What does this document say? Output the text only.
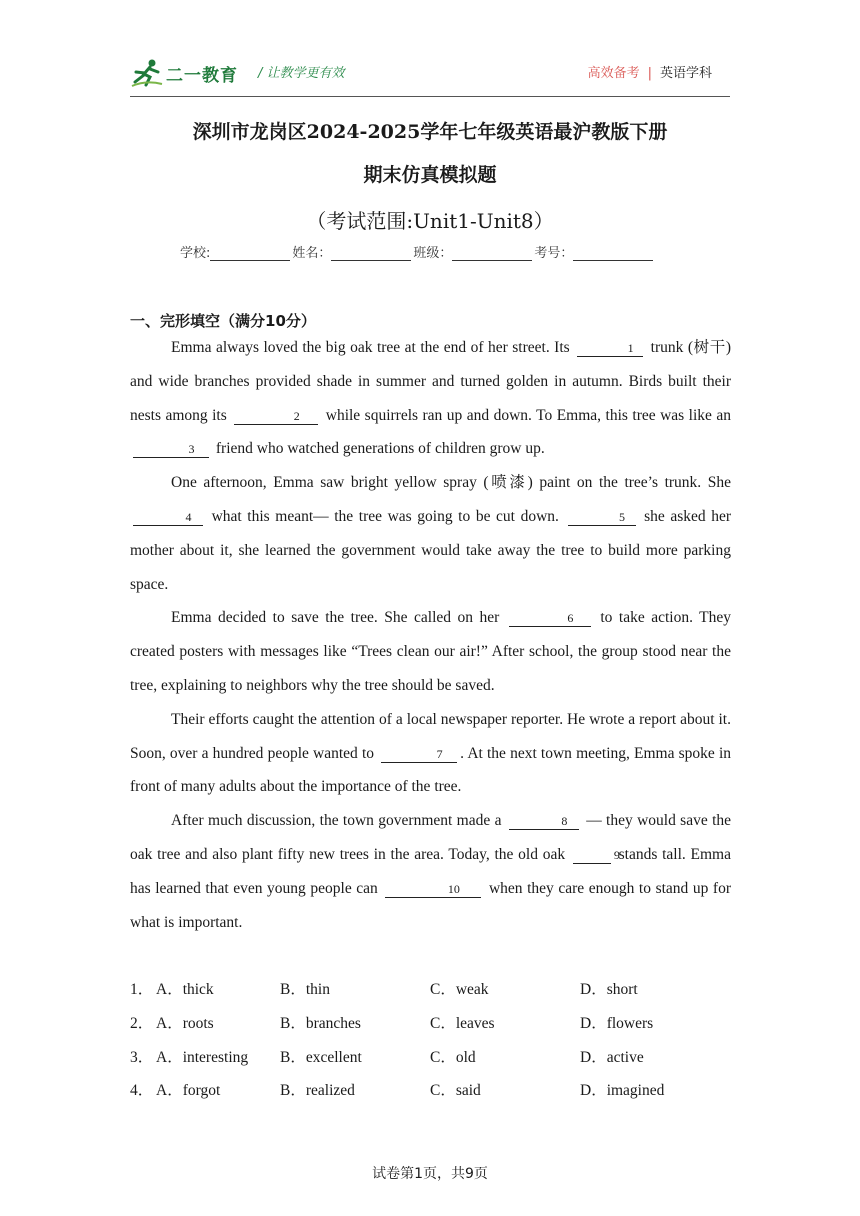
二一教育 / 让教学更有效	高效备考 | 英语学科
深圳市龙岗区2024-2025学年七年级英语最沪教版下册
期末仿真模拟题
（考试范围:Unit1-Unit8）
学校:	姓名：	班级：	考号：
一、完形填空（满分10分）

Emma always loved the big oak tree at the end of her street. Its	1 trunk (树干) and wide branches provided shade in summer and turned golden in autumn. Birds built their nests among its	2 while squirrels ran up and down. To Emma, this tree was like an 3 friend who watched generations of children grow up.

One afternoon, Emma saw bright yellow spray (喷漆) paint on the tree’s trunk. She 4 what this meant— the tree was going to be cut down.	5 she asked her mother about it, she learned the government would take away the tree to build more parking space.

Emma decided to save the tree. She called on her	6 to take action. They created posters with messages like “Trees clean our air!” After school, the group stood near the tree, explaining to neighbors why the tree should be saved.

Their efforts caught the attention of a local newspaper reporter. He wrote a report about it. Soon, over a hundred people wanted to	7 . At the next town meeting, Emma spoke in front of many adults about the importance of the tree.

After much discussion, the town government made a	8 — they would save the oak tree and also plant fifty new trees in the area. Today, the old oak	9 stands tall. Emma has learned that even young people can	10 when they care enough to stand up for what is important.

1． A．thick	B．thin	C．weak	D．short
2． A．roots	B．branches	C．leaves	D．flowers
3． A．interesting B．excellent	C．old	D．active
4． A．forgot	B．realized	C．said	D．imagined
试卷第1页，共9页
